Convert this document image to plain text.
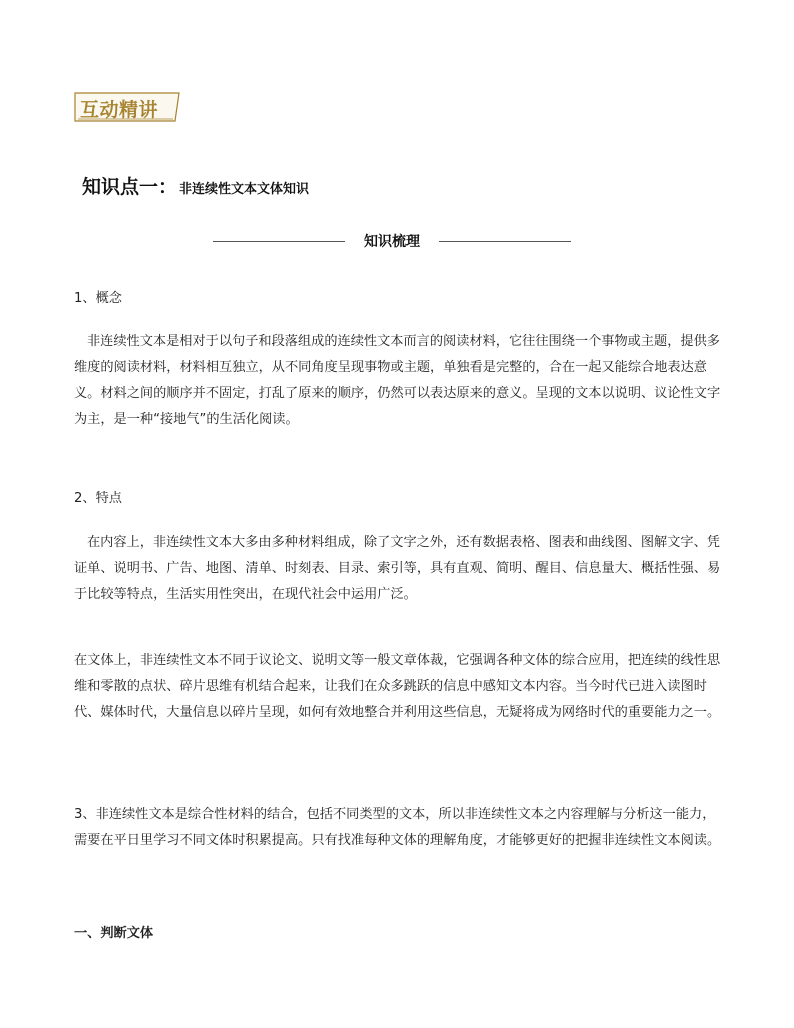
互动精讲
知识点一： 非连续性文本文体知识
知识梳理
1、概念
非连续性文本是相对于以句子和段落组成的连续性文本而言的阅读材料，它往往围绕一个事物或主题，提供多维度的阅读材料，材料相互独立，从不同角度呈现事物或主题，单独看是完整的，合在一起又能综合地表达意义。材料之间的顺序并不固定，打乱了原来的顺序，仍然可以表达原来的意义。呈现的文本以说明、议论性文字为主，是一种“接地气”的生活化阅读。
2、特点
在内容上，非连续性文本大多由多种材料组成，除了文字之外，还有数据表格、图表和曲线图、图解文字、凭证单、说明书、广告、地图、清单、时刻表、目录、索引等，具有直观、简明、醒目、信息量大、概括性强、易于比较等特点，生活实用性突出，在现代社会中运用广泛。
在文体上，非连续性文本不同于议论文、说明文等一般文章体裁，它强调各种文体的综合应用，把连续的线性思维和零散的点状、碎片思维有机结合起来，让我们在众多跳跃的信息中感知文本内容。当今时代已进入读图时代、媒体时代，大量信息以碎片呈现，如何有效地整合并利用这些信息，无疑将成为网络时代的重要能力之一。
3、非连续性文本是综合性材料的结合，包括不同类型的文本，所以非连续性文本之内容理解与分析这一能力，需要在平日里学习不同文体时积累提高。只有找准每种文体的理解角度，才能够更好的把握非连续性文本阅读。
一、判断文体
